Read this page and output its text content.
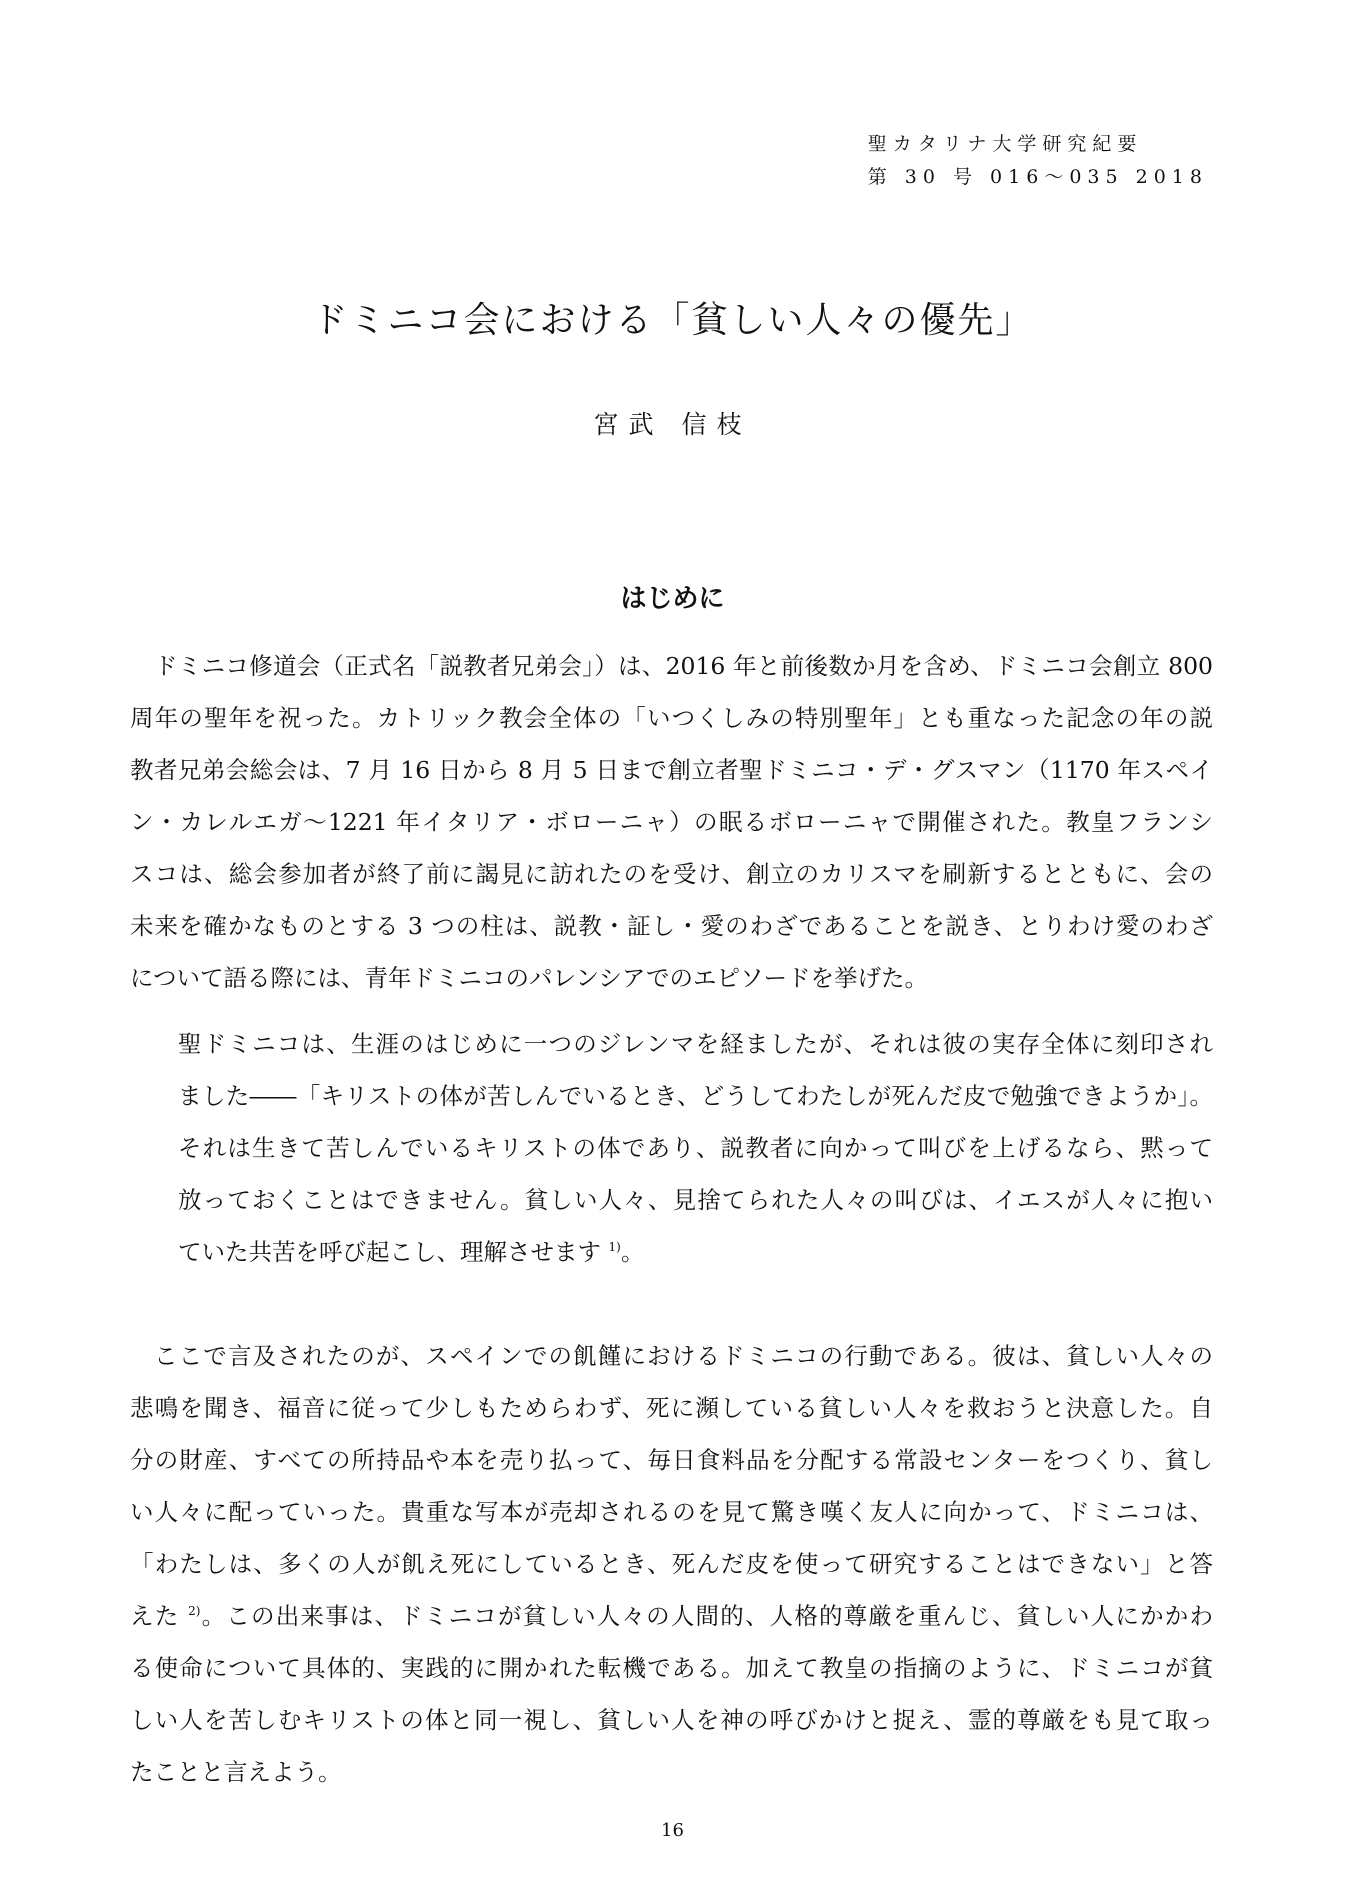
聖カタリナ大学研究紀要
第 30 号 016〜035 2018
ドミニコ会における「貧しい人々の優先」
宮武 信枝
はじめに
ドミニコ修道会（正式名「説教者兄弟会」）は、2016 年と前後数か月を含め、ドミニコ会創立 800
周年の聖年を祝った。カトリック教会全体の「いつくしみの特別聖年」とも重なった記念の年の説
教者兄弟会総会は、7 月 16 日から 8 月 5 日まで創立者聖ドミニコ・デ・グスマン（1170 年スペイ
ン・カレルエガ〜1221 年イタリア・ボローニャ）の眠るボローニャで開催された。教皇フランシ
スコは、総会参加者が終了前に謁見に訪れたのを受け、創立のカリスマを刷新するとともに、会の
未来を確かなものとする 3 つの柱は、説教・証し・愛のわざであることを説き、とりわけ愛のわざ
について語る際には、青年ドミニコのパレンシアでのエピソードを挙げた。
聖ドミニコは、生涯のはじめに一つのジレンマを経ましたが、それは彼の実存全体に刻印され
ました――「キリストの体が苦しんでいるとき、どうしてわたしが死んだ皮で勉強できようか」。
それは生きて苦しんでいるキリストの体であり、説教者に向かって叫びを上げるなら、黙って
放っておくことはできません。貧しい人々、見捨てられた人々の叫びは、イエスが人々に抱い
ていた共苦を呼び起こし、理解させます $^{1)}$。
ここで言及されたのが、スペインでの飢饉におけるドミニコの行動である。彼は、貧しい人々の
悲鳴を聞き、福音に従って少しもためらわず、死に瀕している貧しい人々を救おうと決意した。自
分の財産、すべての所持品や本を売り払って、毎日食料品を分配する常設センターをつくり、貧し
い人々に配っていった。貴重な写本が売却されるのを見て驚き嘆く友人に向かって、ドミニコは、
「わたしは、多くの人が飢え死にしているとき、死んだ皮を使って研究することはできない」と答
えた $^{2)}$。この出来事は、ドミニコが貧しい人々の人間的、人格的尊厳を重んじ、貧しい人にかかわ
る使命について具体的、実践的に開かれた転機である。加えて教皇の指摘のように、ドミニコが貧
しい人を苦しむキリストの体と同一視し、貧しい人を神の呼びかけと捉え、霊的尊厳をも見て取っ
たことと言えよう。
16
